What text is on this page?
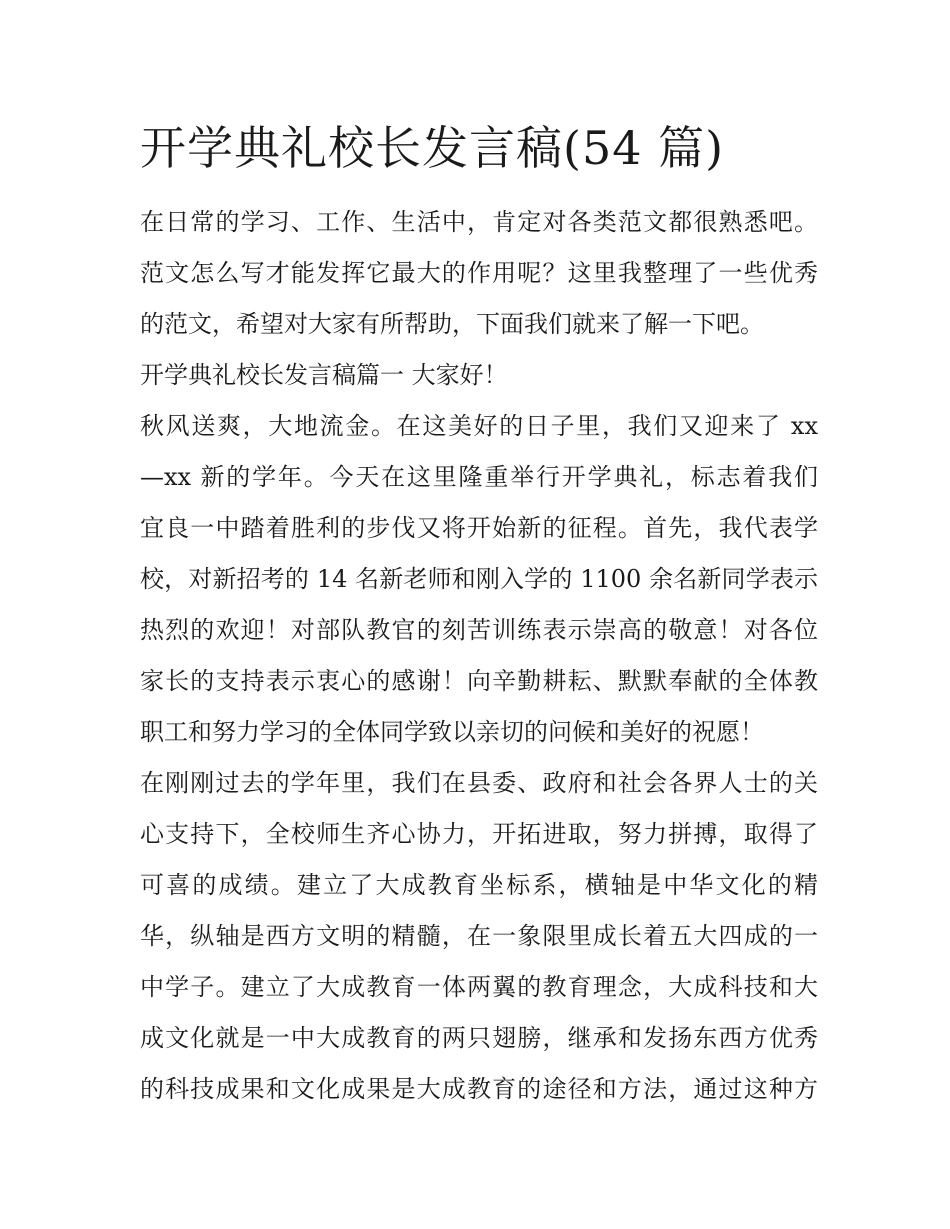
开学典礼校长发言稿(54 篇)
在日常的学习、工作、生活中，肯定对各类范文都很熟悉吧。
范文怎么写才能发挥它最大的作用呢？这里我整理了一些优秀
的范文，希望对大家有所帮助，下面我们就来了解一下吧。
开学典礼校长发言稿篇一 大家好！
秋风送爽，大地流金。在这美好的日子里，我们又迎来了 xx
—xx 新的学年。今天在这里隆重举行开学典礼，标志着我们
宜良一中踏着胜利的步伐又将开始新的征程。首先，我代表学
校，对新招考的 14 名新老师和刚入学的 1100 余名新同学表示
热烈的欢迎！对部队教官的刻苦训练表示崇高的敬意！对各位
家长的支持表示衷心的感谢！向辛勤耕耘、默默奉献的全体教
职工和努力学习的全体同学致以亲切的问候和美好的祝愿！
在刚刚过去的学年里，我们在县委、政府和社会各界人士的关
心支持下，全校师生齐心协力，开拓进取，努力拼搏，取得了
可喜的成绩。建立了大成教育坐标系，横轴是中华文化的精
华，纵轴是西方文明的精髓，在一象限里成长着五大四成的一
中学子。建立了大成教育一体两翼的教育理念，大成科技和大
成文化就是一中大成教育的两只翅膀，继承和发扬东西方优秀
的科技成果和文化成果是大成教育的途径和方法，通过这种方
